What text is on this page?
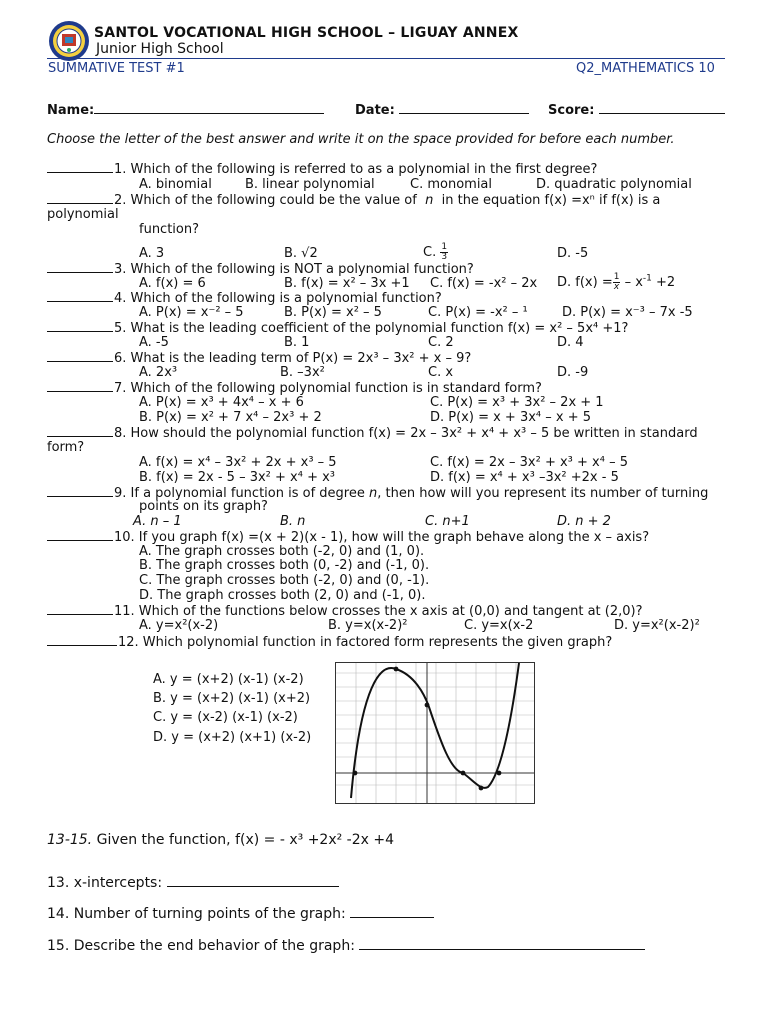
SANTOL VOCATIONAL HIGH SCHOOL – LIGUAY ANNEX
Junior High School
SUMMATIVE TEST #1	Q2_MATHEMATICS 10
Name:	Date:	Score:
Choose the letter of the best answer and write it on the space provided for before each number.
1. Which of the following is referred to as a polynomial in the first degree?
A. binomial	B. linear polynomial	C. monomial	D. quadratic polynomial
2. Which of the following could be the value of n in the equation f(x) =xⁿ if f(x) is a
polynomial
function?
A. 3	B. √2	C. $\frac{1}{3}$	D. -5
3. Which of the following is NOT a polynomial function?
A. f(x) = 6	B. f(x) = x² – 3x +1 C. f(x) = -x² – 2x D. $f(x) = \frac{1}{x} - x^{-1} +2$
4. Which of the following is a polynomial function?
A. P(x) = x⁻² – 5	B. P(x) = x² – 5	C. P(x) = -x² – ¹	D. P(x) = x⁻³ – 7x -5
5. What is the leading coefficient of the polynomial function f(x) = x² – 5x⁴ +1?
A. -5	B. 1	C. 2	D. 4
6. What is the leading term of P(x) = 2x³ – 3x² + x – 9?
A. 2x³	B. –3x²	C. x	D. -9
7. Which of the following polynomial function is in standard form?
A. P(x) = x³ + 4x⁴ – x + 6	C. P(x) = x³ + 3x² – 2x + 1
B. P(x) = x² + 7 x⁴ – 2x³ + 2	D. P(x) = x + 3x⁴ – x + 5
8. How should the polynomial function f(x) = 2x – 3x² + x⁴ + x³ – 5 be written in standard
form?
A. f(x) = x⁴ – 3x² + 2x + x³ – 5	C. f(x) = 2x – 3x² + x³ + x⁴ – 5
B. f(x) = 2x - 5 – 3x² + x⁴ + x³	D. f(x) = x⁴ + x³ –3x² +2x - 5
9. If a polynomial function is of degree n, then how will you represent its number of turning
points on its graph?
A. n – 1	B. n	C. n+1	D. n + 2
10. If you graph f(x) =(x + 2)(x - 1), how will the graph behave along the x – axis?
A. The graph crosses both (-2, 0) and (1, 0).
B. The graph crosses both (0, -2) and (-1, 0).
C. The graph crosses both (-2, 0) and (0, -1).
D. The graph crosses both (2, 0) and (-1, 0).
11. Which of the functions below crosses the x axis at (0,0) and tangent at (2,0)?
A. y=x²(x-2)	B. y=x(x-2)²	C. y=x(x-2	D. y=x²(x-2)²
12. Which polynomial function in factored form represents the given graph?
A. y = (x+2) (x-1) (x-2)
B. y = (x+2) (x-1) (x+2)
C. y = (x-2) (x-1) (x-2)
D. y = (x+2) (x+1) (x-2)
13-15. Given the function, f(x) = - x³ +2x² -2x +4
13. x-intercepts:
14. Number of turning points of the graph:
15. Describe the end behavior of the graph:
